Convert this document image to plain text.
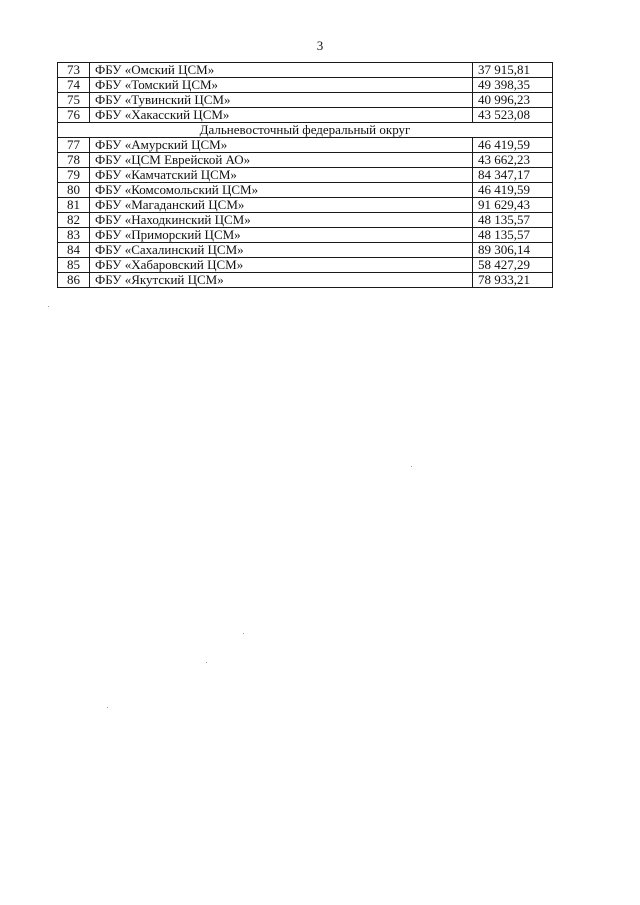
3
73	ФБУ «Омский ЦСМ»	37 915,81
74	ФБУ «Томский ЦСМ»	49 398,35
75	ФБУ «Тувинский ЦСМ»	40 996,23
76	ФБУ «Хакасский ЦСМ»	43 523,08
Дальневосточный федеральный округ		
77	ФБУ «Амурский ЦСМ»	46 419,59
78	ФБУ «ЦСМ Еврейской АО»	43 662,23
79	ФБУ «Камчатский ЦСМ»	84 347,17
80	ФБУ «Комсомольский ЦСМ»	46 419,59
81	ФБУ «Магаданский ЦСМ»	91 629,43
82	ФБУ «Находкинский ЦСМ»	48 135,57
83	ФБУ «Приморский ЦСМ»	48 135,57
84	ФБУ «Сахалинский ЦСМ»	89 306,14
85	ФБУ «Хабаровский ЦСМ»	58 427,29
86	ФБУ «Якутский ЦСМ»	78 933,21
